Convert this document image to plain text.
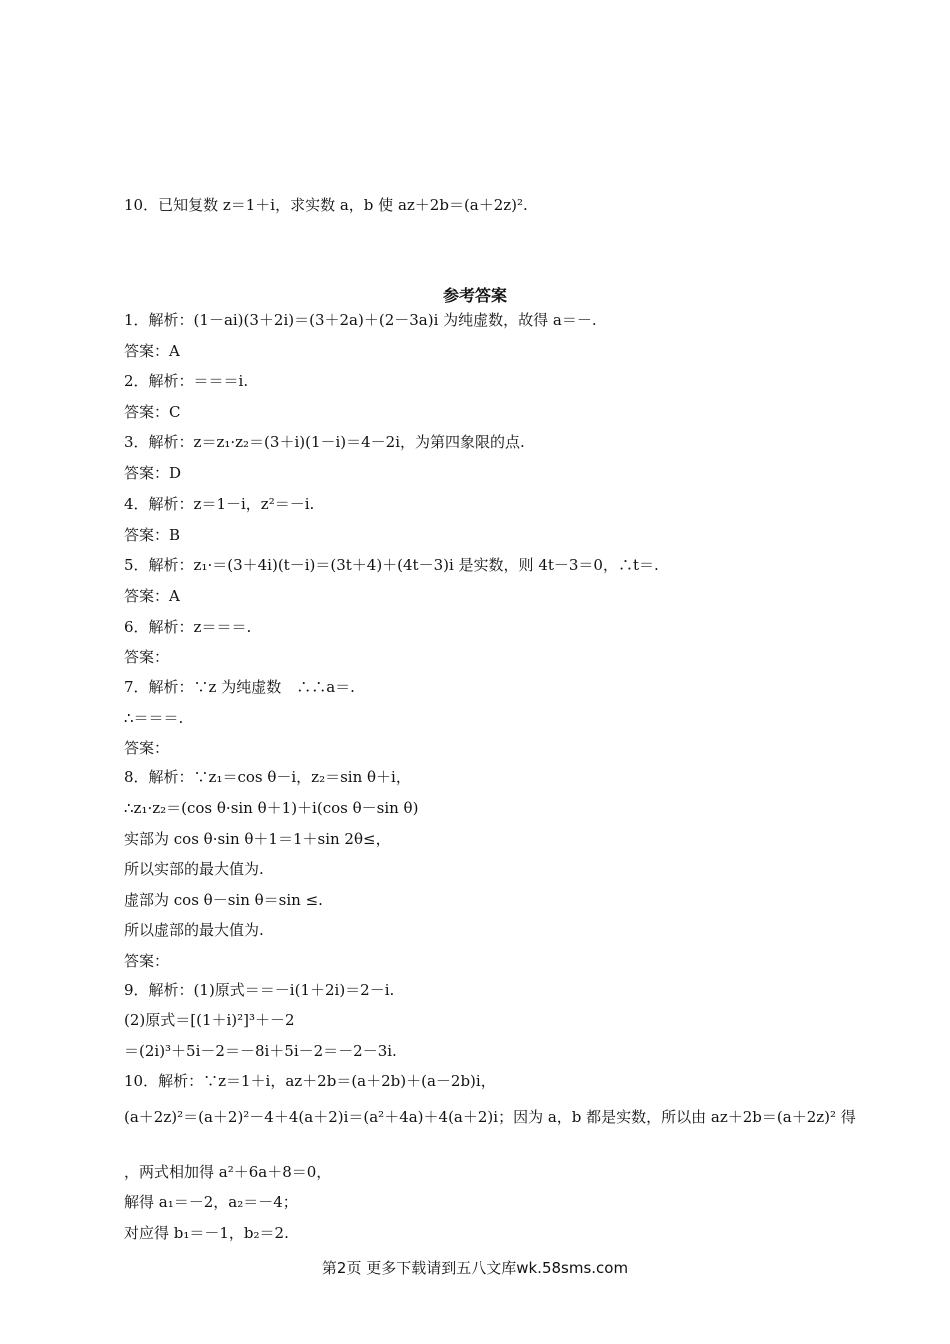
10．已知复数 z＝1＋i，求实数 a，b 使 az＋2b＝(a＋2z)².
参考答案
1．解析：(1－ai)(3＋2i)＝(3＋2a)＋(2－3a)i 为纯虚数，故得 a＝－.
答案：A
2．解析：＝＝＝i.
答案：C
3．解析：z＝z₁·z₂＝(3＋i)(1－i)＝4－2i，为第四象限的点.
答案：D
4．解析：z＝1－i，z²＝－i.
答案：B
5．解析：z₁·＝(3＋4i)(t－i)＝(3t＋4)＋(4t－3)i 是实数，则 4t－3＝0，∴t＝.
答案：A
6．解析：z＝＝＝.
答案：
7．解析：∵z 为纯虚数　∴∴a＝.
∴＝＝＝.
答案：
8．解析：∵z₁＝cos θ－i，z₂＝sin θ＋i，
∴z₁·z₂＝(cos θ·sin θ＋1)＋i(cos θ－sin θ)
实部为 cos θ·sin θ＋1＝1＋sin 2θ≤，
所以实部的最大值为.
虚部为 cos θ－sin θ＝sin ≤.
所以虚部的最大值为.
答案：
9．解析：(1)原式＝＝－i(1＋2i)＝2－i.
(2)原式＝[(1＋i)²]³＋－2
＝(2i)³＋5i－2＝－8i＋5i－2＝－2－3i.
10．解析：∵z＝1＋i，az＋2b＝(a＋2b)＋(a－2b)i，
(a＋2z)²＝(a＋2)²－4＋4(a＋2)i＝(a²＋4a)＋4(a＋2)i；因为 a，b 都是实数，所以由 az＋2b＝(a＋2z)² 得
，两式相加得 a²＋6a＋8＝0，
解得 a₁＝－2，a₂＝－4；
对应得 b₁＝－1，b₂＝2.
第2页 更多下载请到五八文库wk.58sms.com
